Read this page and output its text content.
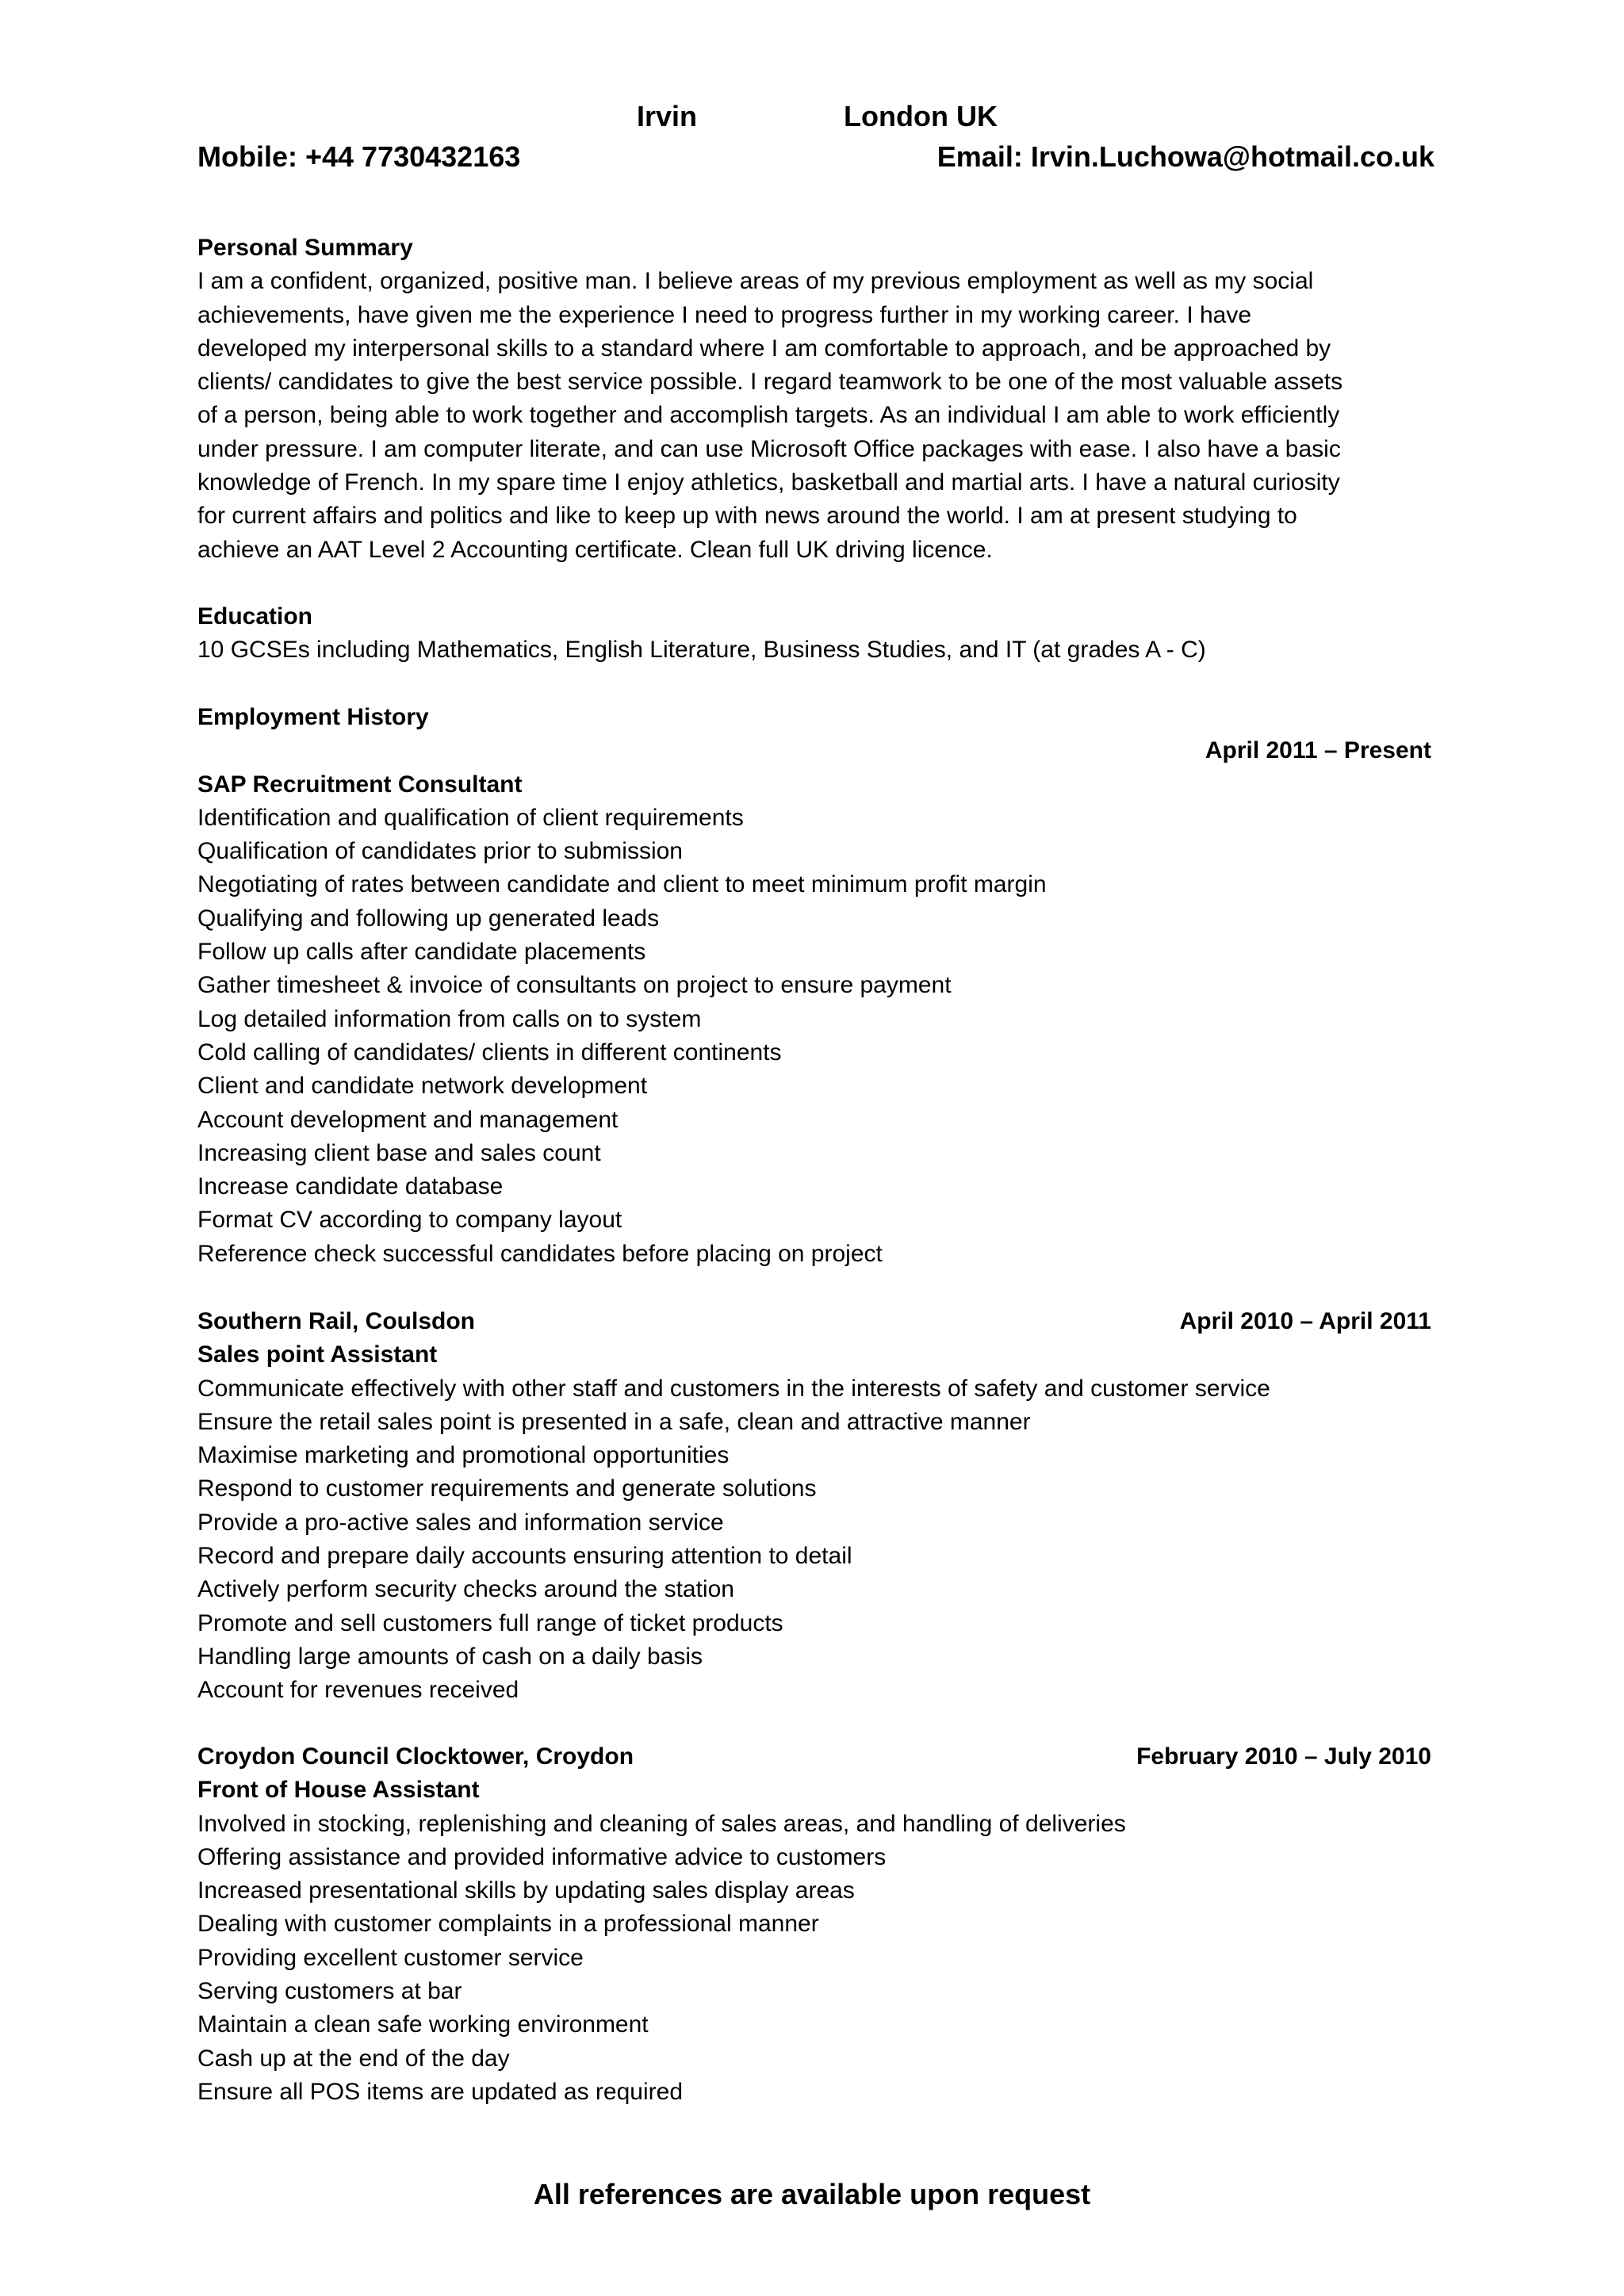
Irvin	London UK
Mobile: +44 7730432163	Email: Irvin.Luchowa@hotmail.co.uk
Personal Summary
I am a confident, organized, positive man. I believe areas of my previous employment as well as my social
achievements, have given me the experience I need to progress further in my working career. I have
developed my interpersonal skills to a standard where I am comfortable to approach, and be approached by
clients/ candidates to give the best service possible. I regard teamwork to be one of the most valuable assets
of a person, being able to work together and accomplish targets. As an individual I am able to work efficiently
under pressure. I am computer literate, and can use Microsoft Office packages with ease. I also have a basic
knowledge of French. In my spare time I enjoy athletics, basketball and martial arts. I have a natural curiosity
for current affairs and politics and like to keep up with news around the world. I am at present studying to
achieve an AAT Level 2 Accounting certificate. Clean full UK driving licence.
Education
10 GCSEs including Mathematics, English Literature, Business Studies, and IT (at grades A - C)
Employment History
April 2011 – Present
SAP Recruitment Consultant
Identification and qualification of client requirements
Qualification of candidates prior to submission
Negotiating of rates between candidate and client to meet minimum profit margin
Qualifying and following up generated leads
Follow up calls after candidate placements
Gather timesheet & invoice of consultants on project to ensure payment
Log detailed information from calls on to system
Cold calling of candidates/ clients in different continents
Client and candidate network development
Account development and management
Increasing client base and sales count
Increase candidate database
Format CV according to company layout
Reference check successful candidates before placing on project
Southern Rail, Coulsdon	April 2010 – April 2011
Sales point Assistant
Communicate effectively with other staff and customers in the interests of safety and customer service
Ensure the retail sales point is presented in a safe, clean and attractive manner
Maximise marketing and promotional opportunities
Respond to customer requirements and generate solutions
Provide a pro-active sales and information service
Record and prepare daily accounts ensuring attention to detail
Actively perform security checks around the station
Promote and sell customers full range of ticket products
Handling large amounts of cash on a daily basis
Account for revenues received
Croydon Council Clocktower, Croydon	February 2010 – July 2010
Front of House Assistant
Involved in stocking, replenishing and cleaning of sales areas, and handling of deliveries
Offering assistance and provided informative advice to customers
Increased presentational skills by updating sales display areas
Dealing with customer complaints in a professional manner
Providing excellent customer service
Serving customers at bar
Maintain a clean safe working environment
Cash up at the end of the day
Ensure all POS items are updated as required
All references are available upon request
